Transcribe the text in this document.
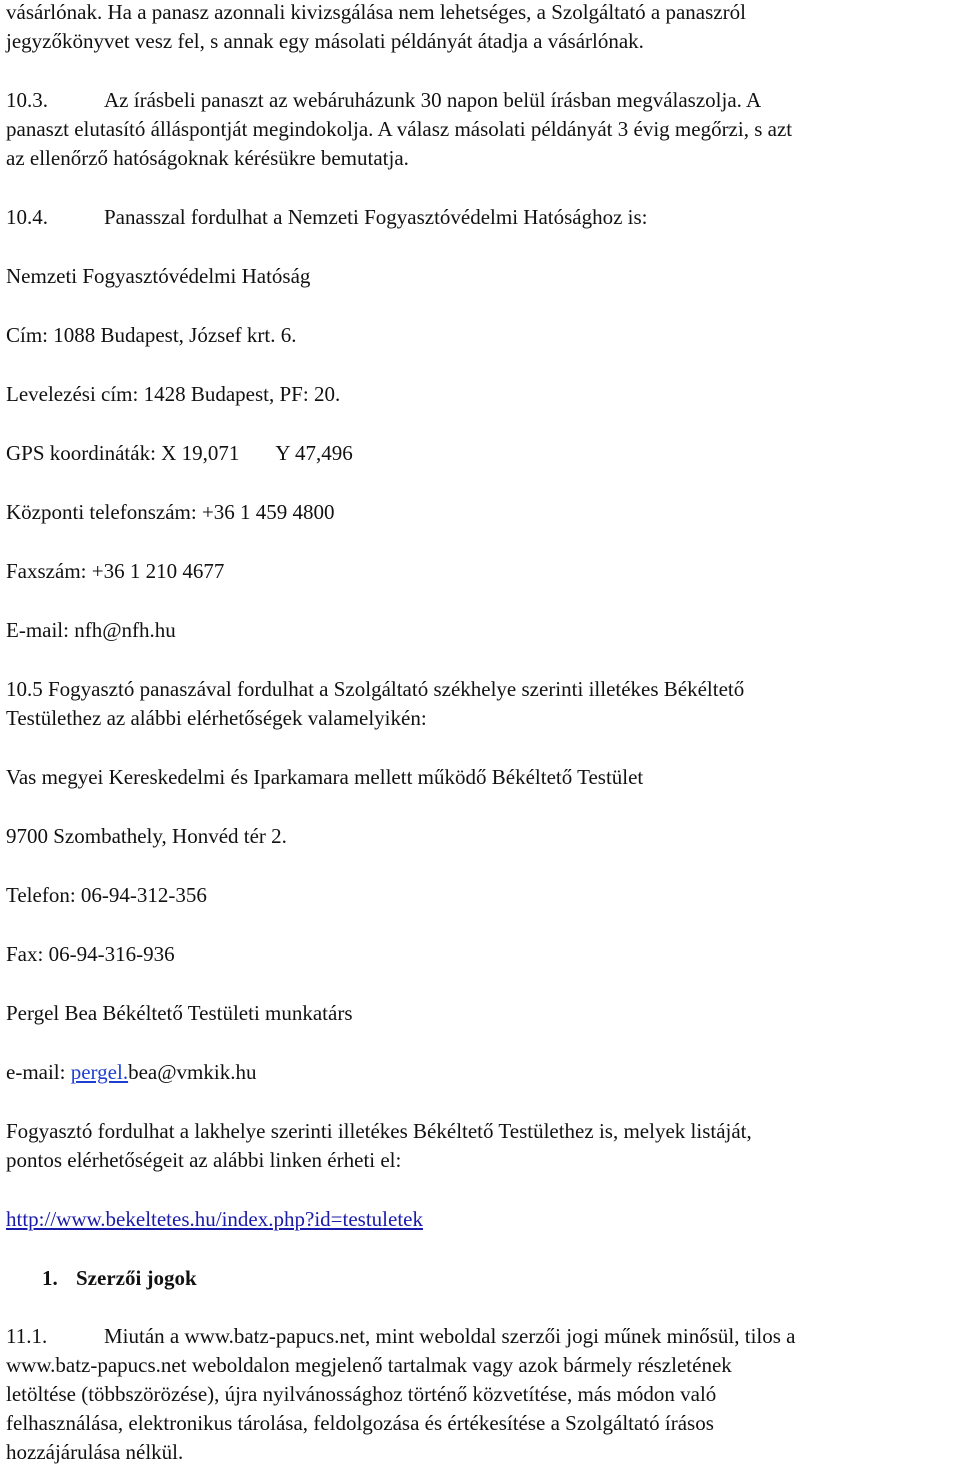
vásárlónak. Ha a panasz azonnali kivizsgálása nem lehetséges, a Szolgáltató a panaszról
jegyzőkönyvet vesz fel, s annak egy másolati példányát átadja a vásárlónak.
10.3.	Az írásbeli panaszt az webáruházunk 30 napon belül írásban megválaszolja. A
panaszt elutasító álláspontját megindokolja. A válasz másolati példányát 3 évig megőrzi, s azt
az ellenőrző hatóságoknak kérésükre bemutatja.
10.4.	Panasszal fordulhat a Nemzeti Fogyasztóvédelmi Hatósághoz is:
Nemzeti Fogyasztóvédelmi Hatóság
Cím: 1088 Budapest, József krt. 6.
Levelezési cím: 1428 Budapest, PF: 20.
GPS koordináták: X 19,071 Y 47,496
Központi telefonszám: +36 1 459 4800
Faxszám: +36 1 210 4677
E-mail: nfh@nfh.hu
10.5 Fogyasztó panaszával fordulhat a Szolgáltató székhelye szerinti illetékes Békéltető
Testülethez az alábbi elérhetőségek valamelyikén:
Vas megyei Kereskedelmi és Iparkamara mellett működő Békéltető Testület
9700 Szombathely, Honvéd tér 2.
Telefon: 06-94-312-356
Fax: 06-94-316-936
Pergel Bea Békéltető Testületi munkatárs
e-mail: pergel.bea@vmkik.hu
Fogyasztó fordulhat a lakhelye szerinti illetékes Békéltető Testülethez is, melyek listáját,
pontos elérhetőségeit az alábbi linken érheti el:
http://www.bekeltetes.hu/index.php?id=testuletek
1. Szerzői jogok
11.1.	Miután a www.batz-papucs.net, mint weboldal szerzői jogi műnek minősül, tilos a
www.batz-papucs.net weboldalon megjelenő tartalmak vagy azok bármely részletének
letöltése (többszörözése), újra nyilvánossághoz történő közvetítése, más módon való
felhasználása, elektronikus tárolása, feldolgozása és értékesítése a Szolgáltató írásos
hozzájárulása nélkül.
